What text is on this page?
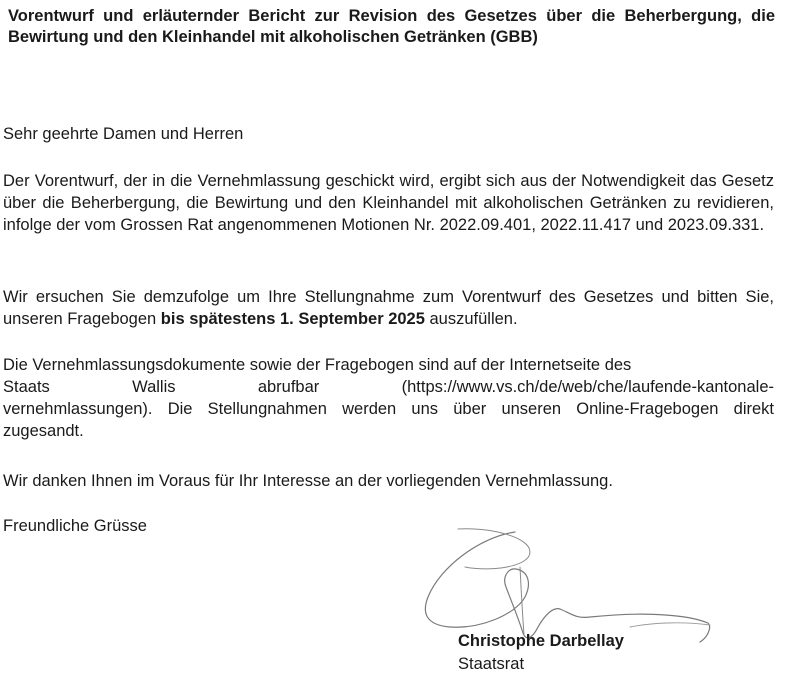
Vorentwurf und erläuternder Bericht zur Revision des Gesetzes über die Beherbergung, die Bewirtung und den Kleinhandel mit alkoholischen Getränken (GBB)

Sehr geehrte Damen und Herren

Der Vorentwurf, der in die Vernehmlassung geschickt wird, ergibt sich aus der Notwendigkeit das Gesetz über die Beherbergung, die Bewirtung und den Kleinhandel mit alkoholischen Getränken zu revidieren, infolge der vom Grossen Rat angenommenen Motionen Nr. 2022.09.401, 2022.11.417 und 2023.09.331.

Wir ersuchen Sie demzufolge um Ihre Stellungnahme zum Vorentwurf des Gesetzes und bitten Sie, unseren Fragebogen bis spätestens 1. September 2025 auszufüllen.

Die Vernehmlassungsdokumente sowie der Fragebogen sind auf der Internetseite des
Staats	Wallis	abrufbar	(https://www.vs.ch/de/web/che/laufende-kantonale-
vernehmlassungen). Die Stellungnahmen werden uns über unseren Online-Fragebogen direkt zugesandt.

Wir danken Ihnen im Voraus für Ihr Interesse an der vorliegenden Vernehmlassung.

Freundliche Grüsse

Christophe Darbellay

Staatsrat
